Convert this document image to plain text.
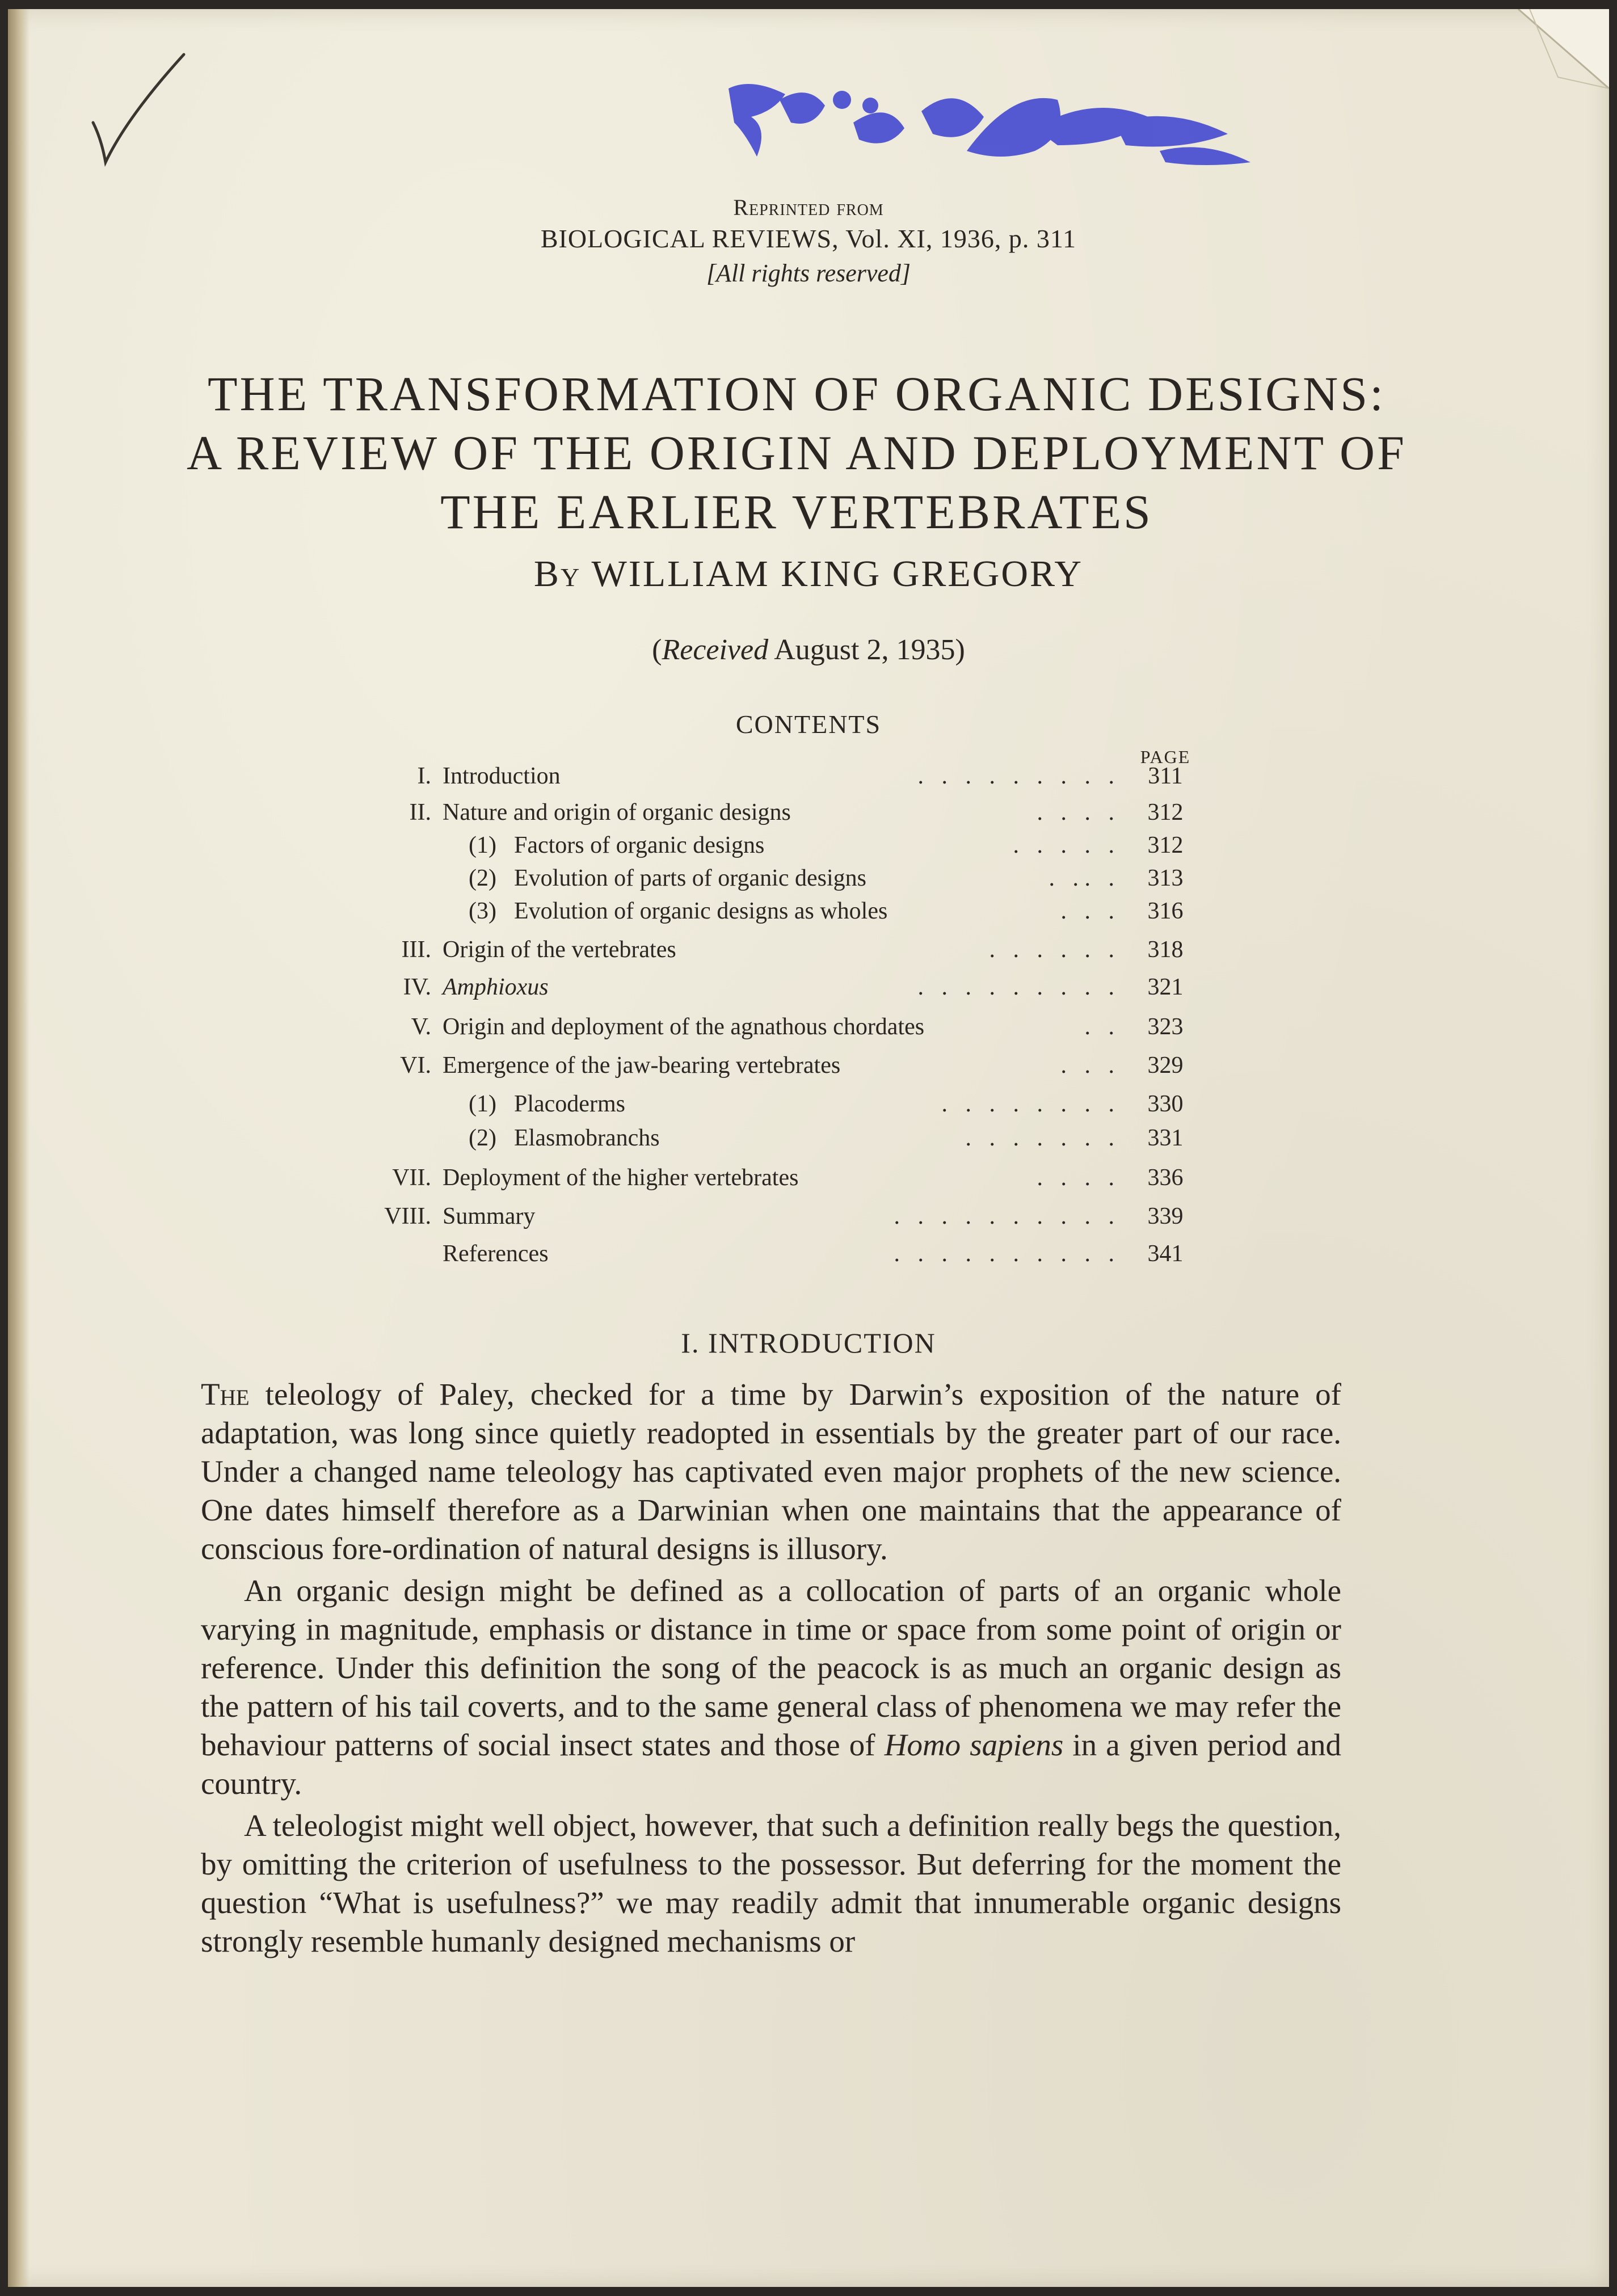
Reprinted from
BIOLOGICAL REVIEWS, Vol. XI, 1936, p. 311
[All rights reserved]
THE TRANSFORMATION OF ORGANIC DESIGNS:
A REVIEW OF THE ORIGIN AND DEPLOYMENT OF
THE EARLIER VERTEBRATES
By WILLIAM KING GREGORY
(Received August 2, 1935)
CONTENTS
PAGE
I. Introduction	.   .   .   .   .   .   .   .   .	311
II. Nature and origin of organic designs	.   .   .   .	312
(1) Factors of organic designs	.   .   .   .   .	312
(2) Evolution of parts of organic designs	.   . .   .	313
(3) Evolution of organic designs as wholes	.   .   .	316
III. Origin of the vertebrates	.   .   .   .   .   .	318
IV. Amphioxus	.   .   .   .   .   .   .   .   .	321
V. Origin and deployment of the agnathous chordates	.   .	323
VI. Emergence of the jaw-bearing vertebrates	.   .   .	329
(1) Placoderms	.   .   .   .   .   .   .   .	330
(2) Elasmobranchs	.   .   .   .   .   .   .	331
VII. Deployment of the higher vertebrates	.   .   .   .	336
VIII. Summary	.   .   .   .   .   .   .   .   .   .	339
References	.   .   .   .   .   .   .   .   .   .	341
I. INTRODUCTION

The teleology of Paley, checked for a time by Darwin’s exposition of the nature of adaptation, was long since quietly readopted in essentials by the greater part of our race. Under a changed name teleology has captivated even major prophets of the new science. One dates himself therefore as a Darwinian when one maintains that the appearance of conscious fore-ordination of natural designs is illusory.

An organic design might be defined as a collocation of parts of an organic whole varying in magnitude, emphasis or distance in time or space from some point of origin or reference. Under this definition the song of the peacock is as much an organic design as the pattern of his tail coverts, and to the same general class of phenomena we may refer the behaviour patterns of social insect states and those of Homo sapiens in a given period and country.

A teleologist might well object, however, that such a definition really begs the question, by omitting the criterion of usefulness to the possessor. But deferring for the moment the question “What is usefulness?” we may readily admit that innumerable organic designs strongly resemble humanly designed mechanisms or
